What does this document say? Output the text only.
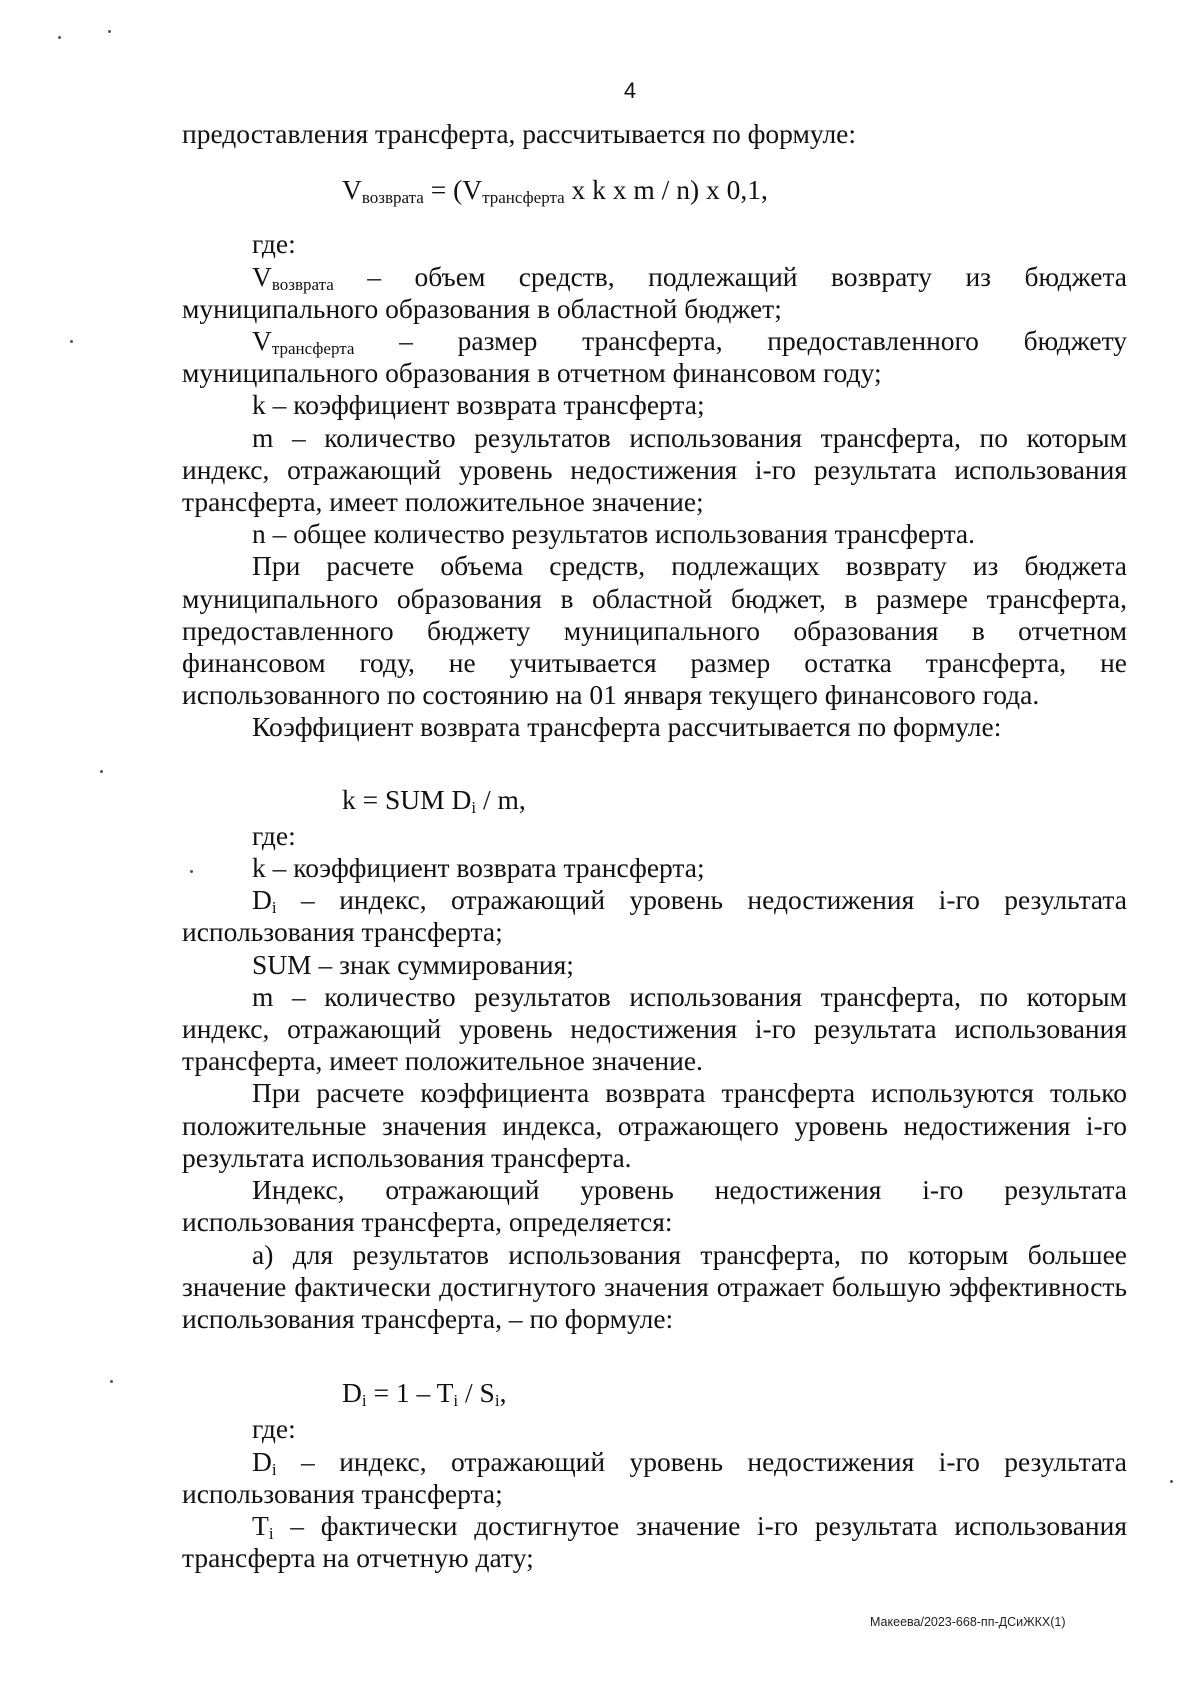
4

предоставления трансферта, рассчитывается по формуле:

$V_{возврата} = (V_{трансферта}$ х k х m / n) х 0,1,

где:

$V_{возврата}$ – объем средств, подлежащий возврату из бюджета муниципального образования в областной бюджет;

$V_{трансферта}$ – размер трансферта, предоставленного бюджету муниципального образования в отчетном финансовом году;

k – коэффициент возврата трансферта;

m – количество результатов использования трансферта, по которым индекс, отражающий уровень недостижения i-го результата использования трансферта, имеет положительное значение;

n – общее количество результатов использования трансферта.

При расчете объема средств, подлежащих возврату из бюджета муниципального образования в областной бюджет, в размере трансферта, предоставленного бюджету муниципального образования в отчетном финансовом году, не учитывается размер остатка трансферта, не использованного по состоянию на 01 января текущего финансового года.

Коэффициент возврата трансферта рассчитывается по формуле:

k = SUM $D_i$ / m,

где:

k – коэффициент возврата трансферта;

$D_i$ – индекс, отражающий уровень недостижения i-го результата использования трансферта;

SUM – знак суммирования;

m – количество результатов использования трансферта, по которым индекс, отражающий уровень недостижения i-го результата использования трансферта, имеет положительное значение.

При расчете коэффициента возврата трансферта используются только положительные значения индекса, отражающего уровень недостижения i-го результата использования трансферта.

Индекс, отражающий уровень недостижения i-го результата использования трансферта, определяется:

а) для результатов использования трансферта, по которым большее значение фактически достигнутого значения отражает большую эффективность использования трансферта, – по формуле:

$D_i = 1 - T_i / S_i$,

где:

$D_i$ – индекс, отражающий уровень недостижения i-го результата использования трансферта;

$T_i$ – фактически достигнутое значение i-го результата использования трансферта на отчетную дату;

Макеева/2023-668-пп-ДСиЖКХ(1)
